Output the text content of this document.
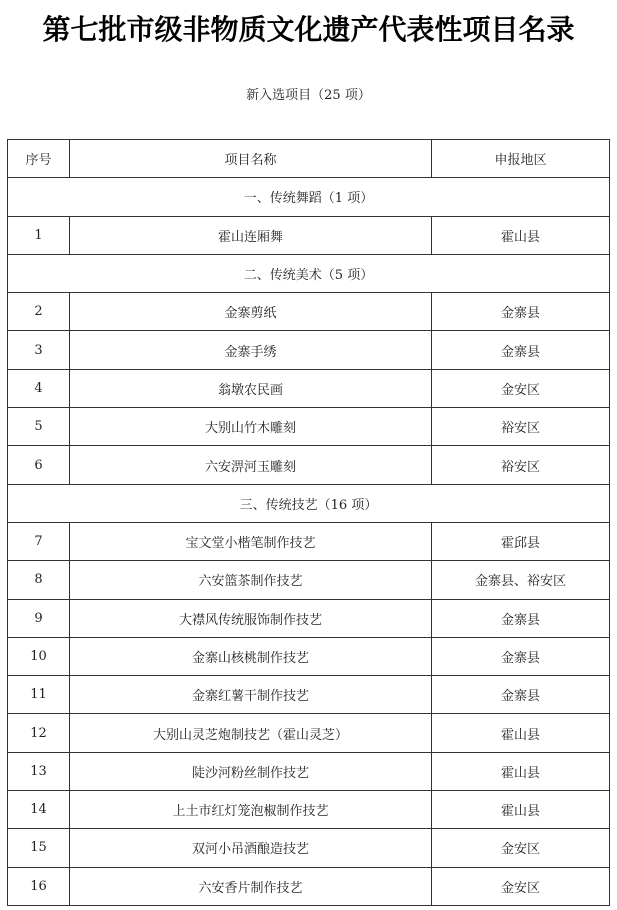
第七批市级非物质文化遗产代表性项目名录
新入选项目（25 项）
序号	项目名称	申报地区
一、传统舞蹈（1 项）		
1	霍山连厢舞	霍山县
二、传统美术（5 项）		
2	金寨剪纸	金寨县
3	金寨手绣	金寨县
4	翁墩农民画	金安区
5	大别山竹木雕刻	裕安区
6	六安淠河玉雕刻	裕安区
三、传统技艺（16 项）		
7	宝文堂小楷笔制作技艺	霍邱县
8	六安篮茶制作技艺	金寨县、裕安区
9	大襟风传统服饰制作技艺	金寨县
10	金寨山核桃制作技艺	金寨县
11	金寨红薯干制作技艺	金寨县
12	大别山灵芝炮制技艺（霍山灵芝）	霍山县
13	陡沙河粉丝制作技艺	霍山县
14	上土市红灯笼泡椒制作技艺	霍山县
15	双河小吊酒酿造技艺	金安区
16	六安香片制作技艺	金安区
